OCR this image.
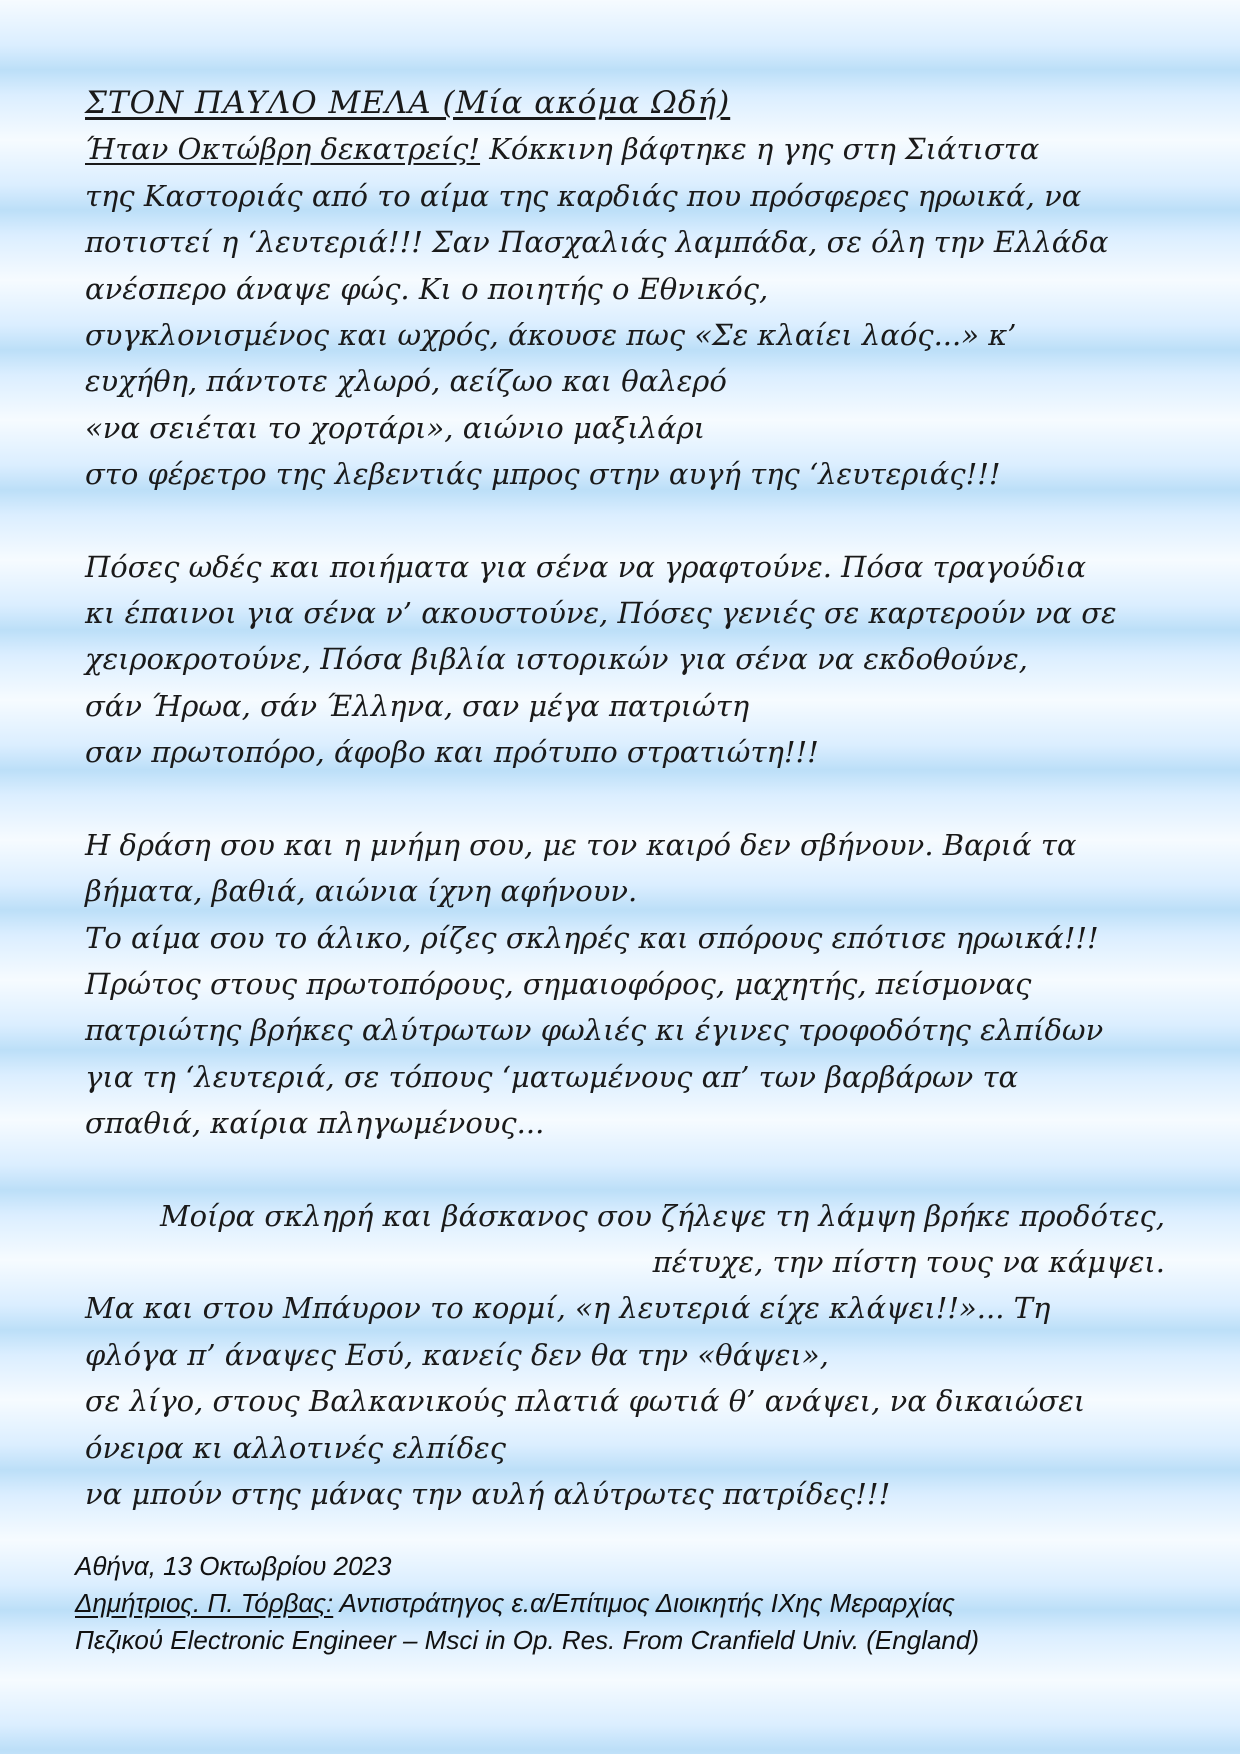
ΣΤΟΝ ΠΑΥΛΟ ΜΕΛΑ (Μία ακόμα Ωδή)
Ήταν Οκτώβρη δεκατρείς! Κόκκινη βάφτηκε η γης στη Σιάτιστα
της Καστοριάς από το αίμα της καρδιάς που πρόσφερες ηρωικά, να
ποτιστεί η ‘λευτεριά!!! Σαν Πασχαλιάς λαμπάδα, σε όλη την Ελλάδα
ανέσπερο άναψε φώς. Κι ο ποιητής ο Εθνικός,
συγκλονισμένος και ωχρός, άκουσε πως «Σε κλαίει λαός...» κ’
ευχήθη, πάντοτε χλωρό, αείζωο και θαλερό
«να σειέται το χορτάρι», αιώνιο μαξιλάρι
στο φέρετρο της λεβεντιάς μπρος στην αυγή της ‘λευτεριάς!!!
Πόσες ωδές και ποιήματα για σένα να γραφτούνε. Πόσα τραγούδια
κι έπαινοι για σένα ν’ ακουστούνε, Πόσες γενιές σε καρτερούν να σε
χειροκροτούνε, Πόσα βιβλία ιστορικών για σένα να εκδοθούνε,
σάν Ήρωα, σάν Έλληνα, σαν μέγα πατριώτη
σαν πρωτοπόρο, άφοβο και πρότυπο στρατιώτη!!!
Η δράση σου και η μνήμη σου, με τον καιρό δεν σβήνουν. Βαριά τα
βήματα, βαθιά, αιώνια ίχνη αφήνουν.
Το αίμα σου το άλικο, ρίζες σκληρές και σπόρους επότισε ηρωικά!!!
Πρώτος στους πρωτοπόρους, σημαιοφόρος, μαχητής, πείσμονας
πατριώτης βρήκες αλύτρωτων φωλιές κι έγινες τροφοδότης ελπίδων
για τη ‘λευτεριά, σε τόπους ‘ματωμένους απ’ των βαρβάρων τα
σπαθιά, καίρια πληγωμένους...
Μοίρα σκληρή και βάσκανος σου ζήλεψε τη λάμψη βρήκε προδότες,
πέτυχε, την πίστη τους να κάμψει.
Μα και στου Μπάυρον το κορμί, «η λευτεριά είχε κλάψει!!»... Τη
φλόγα π’ άναψες Εσύ, κανείς δεν θα την «θάψει»,
σε λίγο, στους Βαλκανικούς πλατιά φωτιά θ’ ανάψει, να δικαιώσει
όνειρα κι αλλοτινές ελπίδες
να μπούν στης μάνας την αυλή αλύτρωτες πατρίδες!!!
Αθήνα, 13 Οκτωβρίου 2023
Δημήτριος. Π. Τόρβας: Αντιστράτηγος ε.α/Επίτιμος Διοικητής ΙΧης Μεραρχίας
Πεζικού Electronic Engineer – Msci in Op. Res. From Cranfield Univ. (England)
